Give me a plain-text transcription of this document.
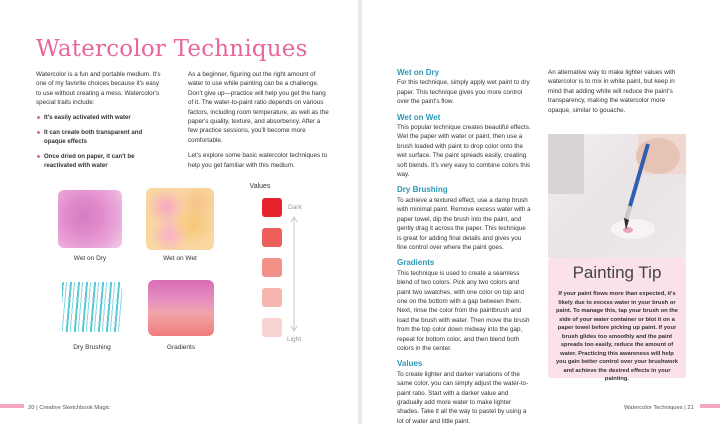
Watercolor Techniques
Watercolor is a fun and portable medium. It's one of my favorite choices because it's easy to use without creating a mess. Watercolor's special traits include:
It's easily activated with water
It can create both transparent and opaque effects
Once dried on paper, it can't be reactivated with water
As a beginner, figuring out the right amount of water to use while painting can be a challenge. Don't give up—practice will help you get the hang of it. The water-to-paint ratio depends on various factors, including room temperature, as well as the paper's quality, texture, and absorbency. After a few practice sessions, you'll become more comfortable.
Let's explore some basic watercolor techniques to help you get familiar with this medium.
Wet on Dry	Wet on Wet
Dry Brushing	Gradients
Values
Dark
Light
20 | Creative Sketchbook Magic
Wet on Dry
For this technique, simply apply wet paint to dry paper. This technique gives you more control over the paint's flow.
Wet on Wet
This popular technique creates beautiful effects. Wet the paper with water or paint, then use a brush loaded with paint to drop color onto the wet surface. The paint spreads easily, creating soft blends. It's very easy to combine colors this way.
Dry Brushing
To achieve a textured effect, use a damp brush with minimal paint. Remove excess water with a paper towel, dip the brush into the paint, and gently drag it across the paper. This technique is great for adding final details and gives you fine control over where the paint goes.
Gradients
This technique is used to create a seamless blend of two colors. Pick any two colors and paint two swatches, with one color on top and one on the bottom with a gap between them. Next, rinse the color from the paintbrush and load the brush with water. Then move the brush from the top color down midway into the gap, repeat for bottom color, and then blend both colors in the center.
Values
To create lighter and darker variations of the same color, you can simply adjust the water-to-paint ratio. Start with a darker value and gradually add more water to make lighter shades. Take it all the way to pastel by using a lot of water and little paint.
An alternative way to make lighter values with watercolor is to mix in white paint, but keep in mind that adding white will reduce the paint's transparency, making the watercolor more opaque, similar to gouache.
Painting Tip
If your paint flows more than expected, it's likely due to excess water in your brush or paint. To manage this, tap your brush on the side of your water container or blot it on a paper towel before picking up paint. If your brush glides too smoothly and the paint spreads too easily, reduce the amount of water. Practicing this awareness will help you gain better control over your brushwork and achieve the desired effects in your painting.
Watercolor Techniques | 21
